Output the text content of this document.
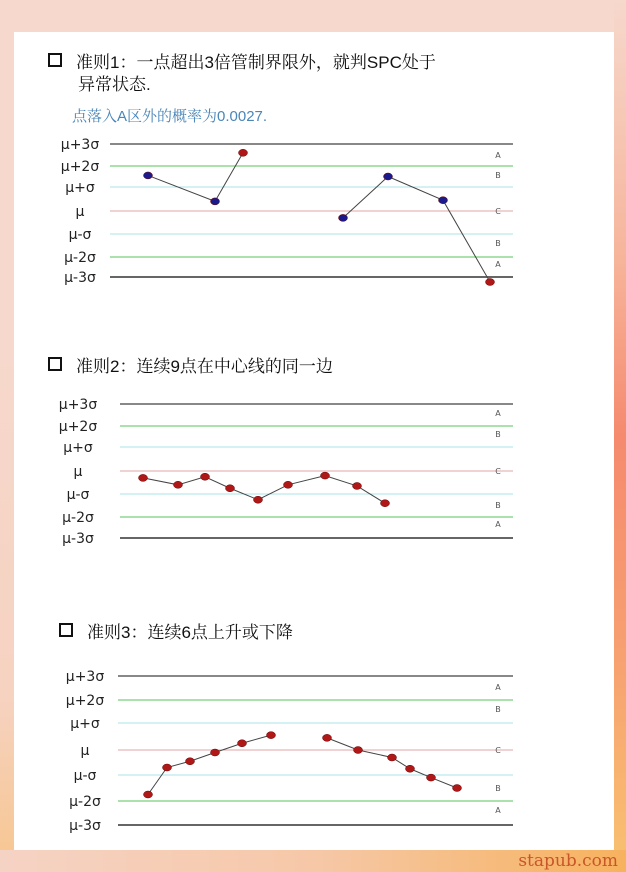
准则1：一点超出3倍管制界限外，就判SPC处于
异常状态.
点落入A区外的概率为0.0027.
准则2：连续9点在中心线的同一边
准则3：连续6点上升或下降
μ+3σ
μ+2σ
μ+σ
μ
μ-σ
μ-2σ
μ-3σ
A
B
C
B
A
μ+3σ
μ+2σ
μ+σ
μ
μ-σ
μ-2σ
μ-3σ
A
B
C
B
A
μ+3σ
μ+2σ
μ+σ
μ
μ-σ
μ-2σ
μ-3σ
A
B
C
B
A
stapub.com
